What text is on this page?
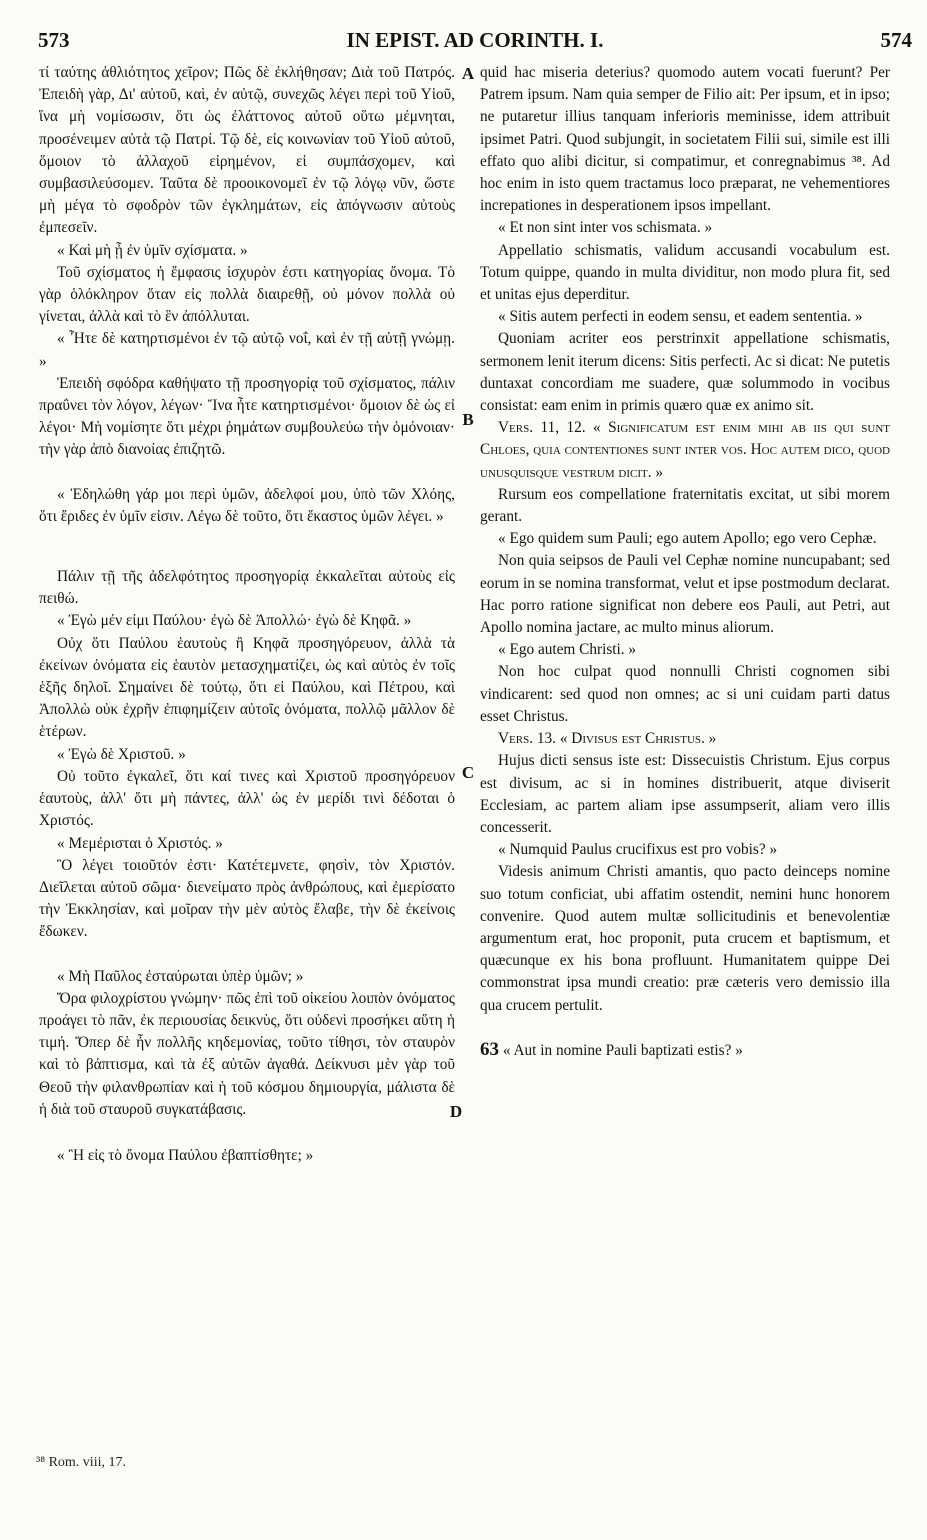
573	IN EPIST. AD CORINTH. I.	574

τί ταύτης ἀθλιότητος χεῖρον; Πῶς δὲ ἐκλήθησαν; Διὰ τοῦ Πατρός. Ἐπειδὴ γὰρ, Δι' αὐτοῦ, καὶ, ἐν αὐτῷ, συνεχῶς λέγει περὶ τοῦ Υἱοῦ, ἵνα μὴ νομίσωσιν, ὅτι ὡς ἐλάττονος αὐτοῦ οὕτω μέμνηται, προσένειμεν αὐτὰ τῷ Πατρί. Τῷ δὲ, εἰς κοινωνίαν τοῦ Υἱοῦ αὐτοῦ, ὅμοιον τὸ ἀλλαχοῦ εἰρημένον, εἰ συμπάσχομεν, καὶ συμβασιλεύσομεν. Ταῦτα δὲ προοικονομεῖ ἐν τῷ λόγῳ νῦν, ὥστε μὴ μέγα τὸ σφοδρὸν τῶν ἐγκλημάτων, εἰς ἀπόγνωσιν αὐτοὺς ἐμπεσεῖν.

« Καὶ μὴ ᾖ ἐν ὑμῖν σχίσματα. »

Τοῦ σχίσματος ἡ ἔμφασις ἰσχυρὸν ἐστι κατηγορίας ὄνομα. Τὸ γὰρ ὁλόκληρον ὅταν εἰς πολλὰ διαιρεθῇ, οὐ μόνον πολλὰ οὐ γίνεται, ἀλλὰ καὶ τὸ ἓν ἀπόλλυται.

« Ἦτε δὲ κατηρτισμένοι ἐν τῷ αὐτῷ νοΐ, καὶ ἐν τῇ αὐτῇ γνώμῃ. »

Ἐπειδὴ σφόδρα καθήψατο τῇ προσηγορίᾳ τοῦ σχίσματος, πάλιν πραΰνει τὸν λόγον, λέγων· Ἵνα ἦτε κατηρτισμένοι· ὅμοιον δὲ ὡς εἰ λέγοι· Μὴ νομίσητε ὅτι μέχρι ῥημάτων συμβουλεύω τὴν ὁμόνοιαν· τὴν γὰρ ἀπὸ διανοίας ἐπιζητῶ.

« Ἐδηλώθη γάρ μοι περὶ ὑμῶν, ἀδελφοί μου, ὑπὸ τῶν Χλόης, ὅτι ἔριδες ἐν ὑμῖν εἰσιν. Λέγω δὲ τοῦτο, ὅτι ἕκαστος ὑμῶν λέγει. »

Πάλιν τῇ τῆς ἀδελφότητος προσηγορίᾳ ἐκκαλεῖται αὐτοὺς εἰς πειθώ.

« Ἐγὼ μέν εἰμι Παύλου· ἐγὼ δὲ Ἀπολλώ· ἐγὼ δὲ Κηφᾶ. »

Οὐχ ὅτι Παύλου ἑαυτοὺς ἢ Κηφᾶ προσηγόρευον, ἀλλὰ τὰ ἐκείνων ὀνόματα εἰς ἑαυτὸν μετασχηματίζει, ὡς καὶ αὐτὸς ἐν τοῖς ἑξῆς δηλοῖ. Σημαίνει δὲ τούτῳ, ὅτι εἰ Παύλου, καὶ Πέτρου, καὶ Ἀπολλὼ οὐκ ἐχρῆν ἐπιφημίζειν αὐτοῖς ὀνόματα, πολλῷ μᾶλλον δὲ ἑτέρων.

« Ἐγὼ δὲ Χριστοῦ. »

Οὐ τοῦτο ἐγκαλεῖ, ὅτι καί τινες καὶ Χριστοῦ προσηγόρευον ἑαυτοὺς, ἀλλ' ὅτι μὴ πάντες, ἀλλ' ὡς ἐν μερίδι τινὶ δέδοται ὁ Χριστός.

« Μεμέρισται ὁ Χριστός. »

Ὃ λέγει τοιοῦτόν ἐστι· Κατέτεμνετε, φησὶν, τὸν Χριστόν. Διεῖλεται αὐτοῦ σῶμα· διενείματο πρὸς ἀνθρώπους, καὶ ἐμερίσατο τὴν Ἐκκλησίαν, καὶ μοῖραν τὴν μὲν αὐτὸς ἔλαβε, τὴν δὲ ἐκείνοις ἔδωκεν.

« Μὴ Παῦλος ἐσταύρωται ὑπὲρ ὑμῶν; »

Ὅρα φιλοχρίστου γνώμην· πῶς ἐπὶ τοῦ οἰκείου λοιπὸν ὀνόματος προάγει τὸ πᾶν, ἐκ περιουσίας δεικνὺς, ὅτι οὐδενὶ προσήκει αὕτη ἡ τιμή. Ὅπερ δὲ ἦν πολλῆς κηδεμονίας, τοῦτο τίθησι, τὸν σταυρὸν καὶ τὸ βάπτισμα, καὶ τὰ ἐξ αὐτῶν ἀγαθά. Δείκνυσι μὲν γὰρ τοῦ Θεοῦ τὴν φιλανθρωπίαν καὶ ἡ τοῦ κόσμου δημιουργία, μάλιστα δὲ ἡ διὰ τοῦ σταυροῦ συγκατάβασις.

« Ἢ εἰς τὸ ὄνομα Παύλου ἐβαπτίσθητε; »

quid hac miseria deterius? quomodo autem vocati fuerunt? Per Patrem ipsum. Nam quia semper de Filio ait: Per ipsum, et in ipso; ne putaretur illius tanquam inferioris meminisse, idem attribuit ipsimet Patri. Quod subjungit, in societatem Filii sui, simile est illi effato quo alibi dicitur, si compatimur, et conregnabimus ³⁸. Ad hoc enim in isto quem tractamus loco præparat, ne vehementiores increpationes in desperationem ipsos impellant.

« Et non sint inter vos schismata. »

Appellatio schismatis, validum accusandi vocabulum est. Totum quippe, quando in multa dividitur, non modo plura fit, sed et unitas ejus deperditur.

« Sitis autem perfecti in eodem sensu, et eadem sententia. »

Quoniam acriter eos perstrinxit appellatione schismatis, sermonem lenit iterum dicens: Sitis perfecti. Ac si dicat: Ne putetis duntaxat concordiam me suadere, quæ solummodo in vocibus consistat: eam enim in primis quæro quæ ex animo sit.

Vers. 11, 12. « Significatum est enim mihi ab iis qui sunt Chloes, quia contentiones sunt inter vos. Hoc autem dico, quod unusquisque vestrum dicit. »

Rursum eos compellatione fraternitatis excitat, ut sibi morem gerant.

« Ego quidem sum Pauli; ego autem Apollo; ego vero Cephæ.

Non quia seipsos de Pauli vel Cephæ nomine nuncupabant; sed eorum in se nomina transformat, velut et ipse postmodum declarat. Hac porro ratione significat non debere eos Pauli, aut Petri, aut Apollo nomina jactare, ac multo minus aliorum.

« Ego autem Christi. »

Non hoc culpat quod nonnulli Christi cognomen sibi vindicarent: sed quod non omnes; ac si uni cuidam parti datus esset Christus.

Vers. 13. « Divisus est Christus. »

Hujus dicti sensus iste est: Dissecuistis Christum. Ejus corpus est divisum, ac si in homines distribuerit, atque diviserit Ecclesiam, ac partem aliam ipse assumpserit, aliam vero illis concesserit.

« Numquid Paulus crucifixus est pro vobis? »

Videsis animum Christi amantis, quo pacto deinceps nomine suo totum conficiat, ubi affatim ostendit, nemini hunc honorem convenire. Quod autem multæ sollicitudinis et benevolentiæ argumentum erat, hoc proponit, puta crucem et baptismum, et quæcunque ex his bona profluunt. Humanitatem quippe Dei commonstrat ipsa mundi creatio: præ cæteris vero demissio illa qua crucem pertulit.

63 « Aut in nomine Pauli baptizati estis? »

A
B
C
D
³⁸ Rom. viii, 17.
